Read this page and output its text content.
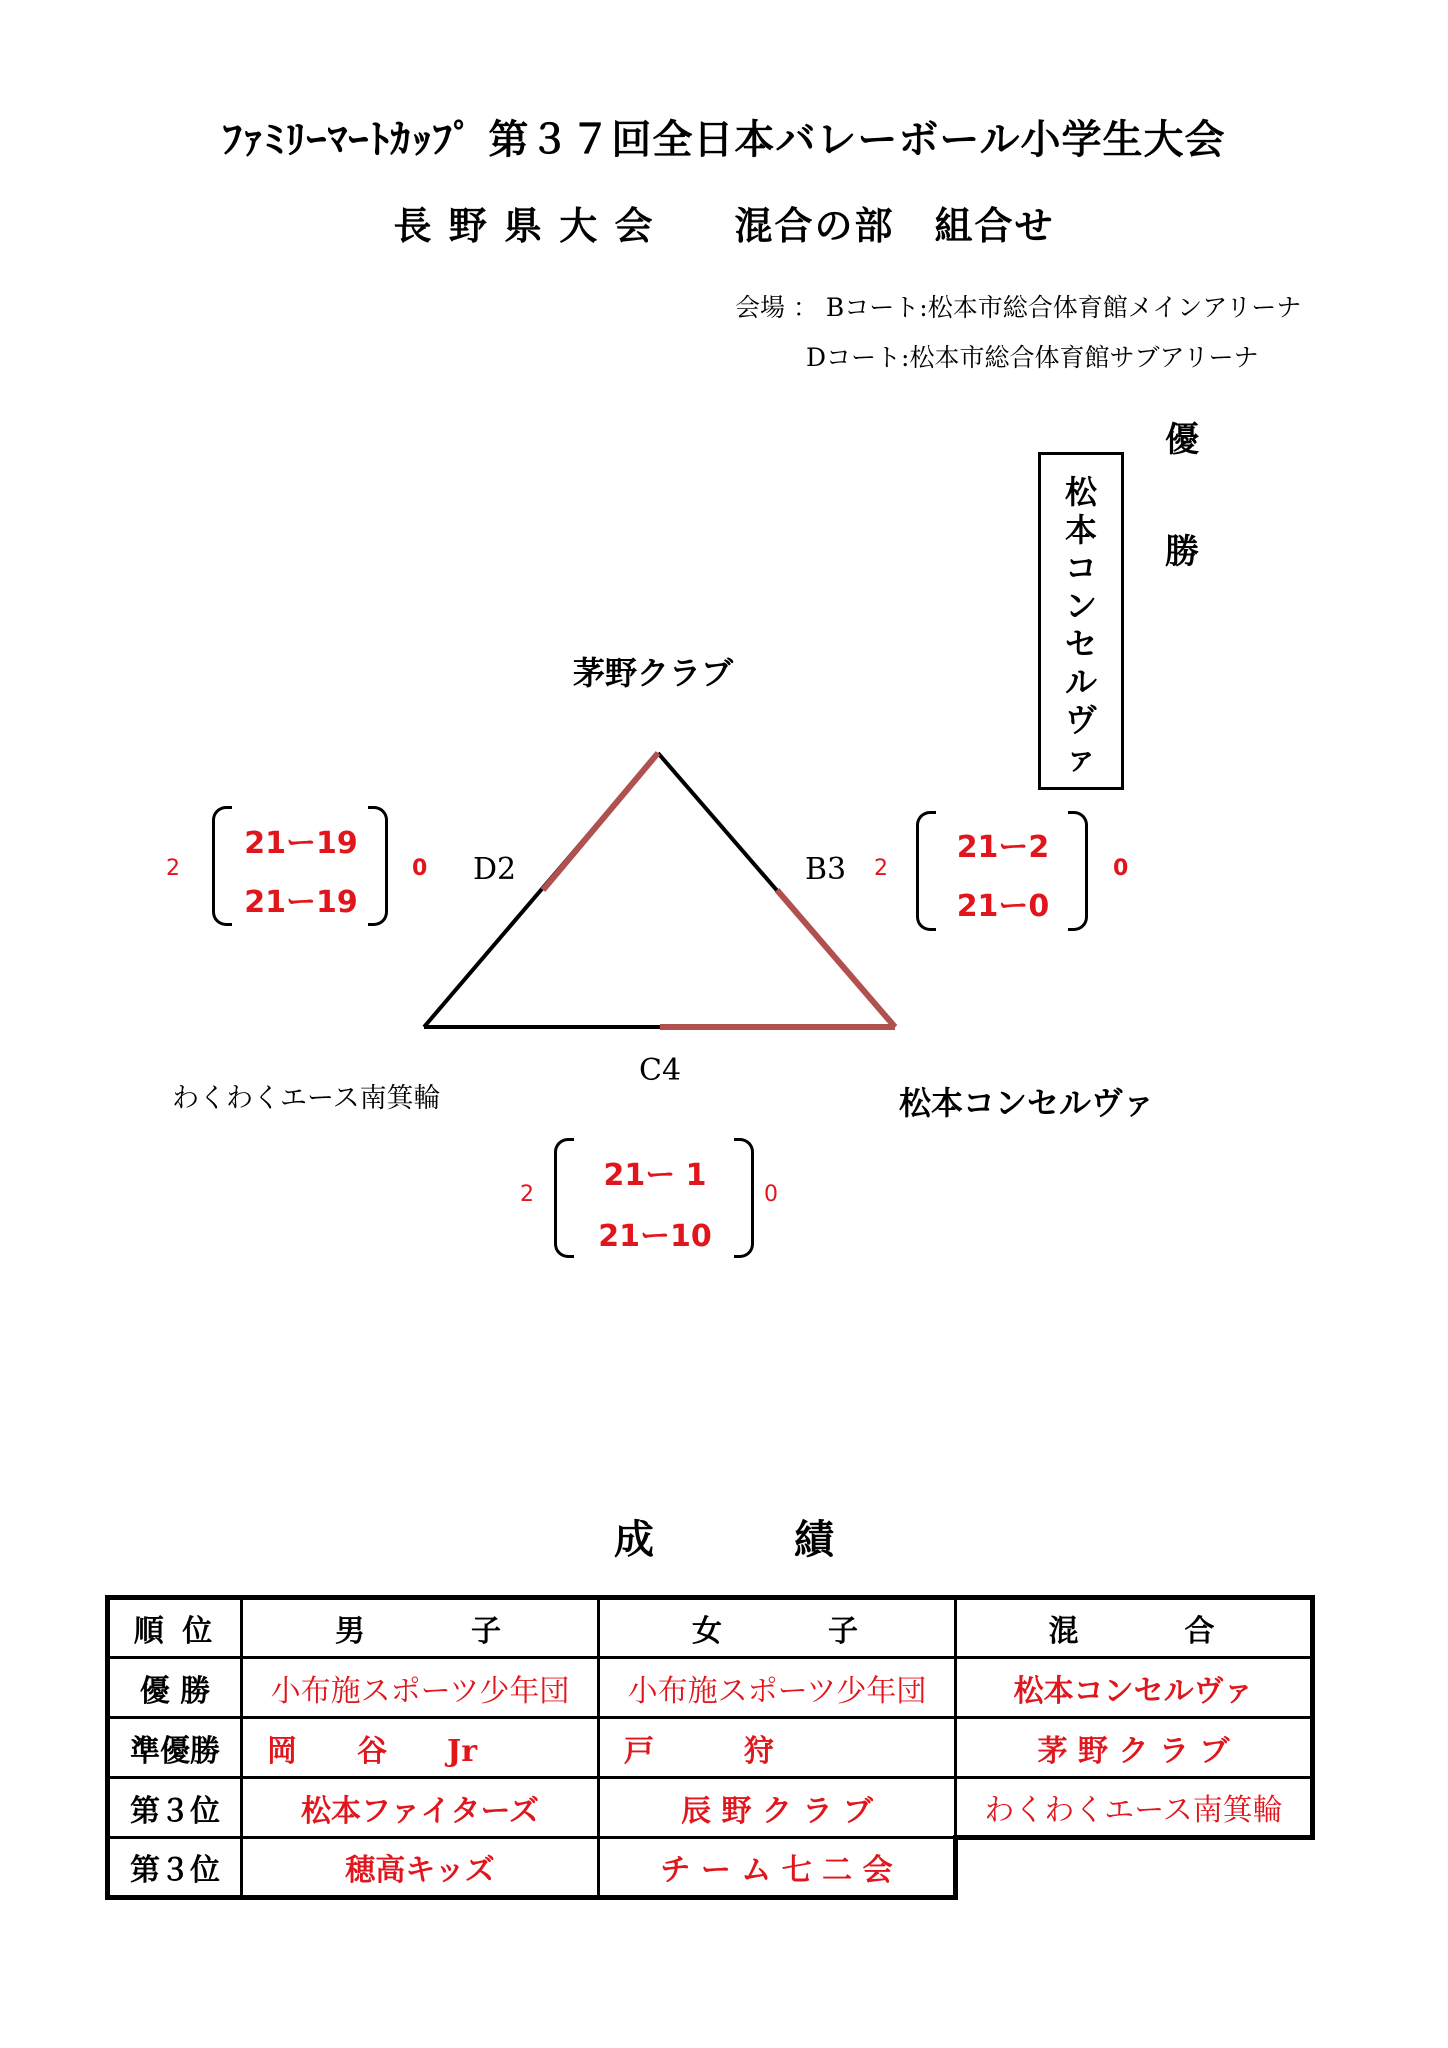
ﾌｧﾐﾘｰﾏｰﾄｶｯﾌﾟ 第３７回全日本バレーボール小学生大会
長 野 県 大 会　　混合の部　組合せ
会場 ： Bコート:松本市総合体育館メインアリーナ
Dコート:松本市総合体育館サブアリーナ
優
勝
松本コンセルヴァ
茅野クラブ
わくわくエース南箕輪	松本コンセルヴァ
D2	B3
C4
2
21ー19
21ー19
0	2
21ー2
21ー0
0
2
21ー 1
21ー10
0
成	績
順 位	男　　　子	女　　　子	混　　　合
優 勝	小布施スポーツ少年団	小布施スポーツ少年団	松本コンセルヴァ
準優勝	岡　　谷　　Jr	戸　　　狩	茅 野 ク ラ ブ
第３位	松本ファイターズ	辰 野 ク ラ ブ	わくわくエース南箕輪
第３位	穂高キッズ	チ ー ム 七 二 会	
